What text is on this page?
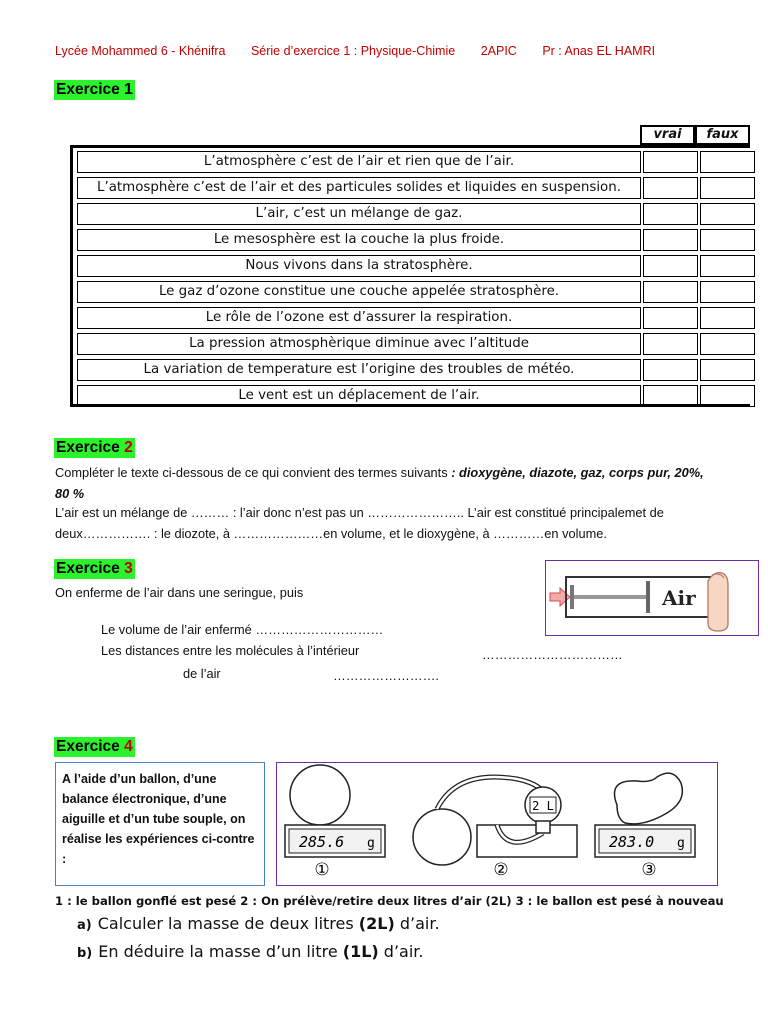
Lycée Mohammed 6 - Khénifra Série d’exercice 1 : Physique-Chimie 2APIC Pr : Anas EL HAMRI
Exercice 1
vrai	faux
L’atmosphère c’est de l’air et rien que de l’air.
L’atmosphère c’est de l’air et des particules solides et liquides en suspension.
L’air, c’est un mélange de gaz.
Le mesosphère est la couche la plus froide.
Nous vivons dans la stratosphère.
Le gaz d’ozone constitue une couche appelée stratosphère.
Le rôle de l’ozone est d’assurer la respiration.
La pression atmosphèrique diminue avec l’altitude
La variation de temperature est l’origine des troubles de météo.
Le vent est un déplacement de l’air.
Exercice 2
Compléter le texte ci-dessous de ce qui convient des termes suivants : dioxygène, diazote, gaz, corps pur, 20%, 80 %
L’air est un mélange de ……… : l’air donc n’est pas un ………………….. L’air est constitué principalemet de
deux……………. : le diozote, à …………………en volume, et le dioxygène, à …………en volume.
Exercice 3
On enferme de l’air dans une seringue, puis
Le volume de l’air enfermé …………………………
Les distances entre les molécules à l’intérieur	……………………………
de l’air	…………………….
Air
Exercice 4
A l’aide d’un ballon, d’une balance électronique, d’une aiguille et d’un tube souple, on réalise les expériences ci-contre :
285.6 g
①
2 L
②
283.0 g
③
1 : le ballon gonflé est pesé 2 : On prélève/retire deux litres d’air (2L) 3 : le ballon est pesé à nouveau
a) Calculer la masse de deux litres (2L) d’air.
b) En déduire la masse d’un litre (1L) d’air.
